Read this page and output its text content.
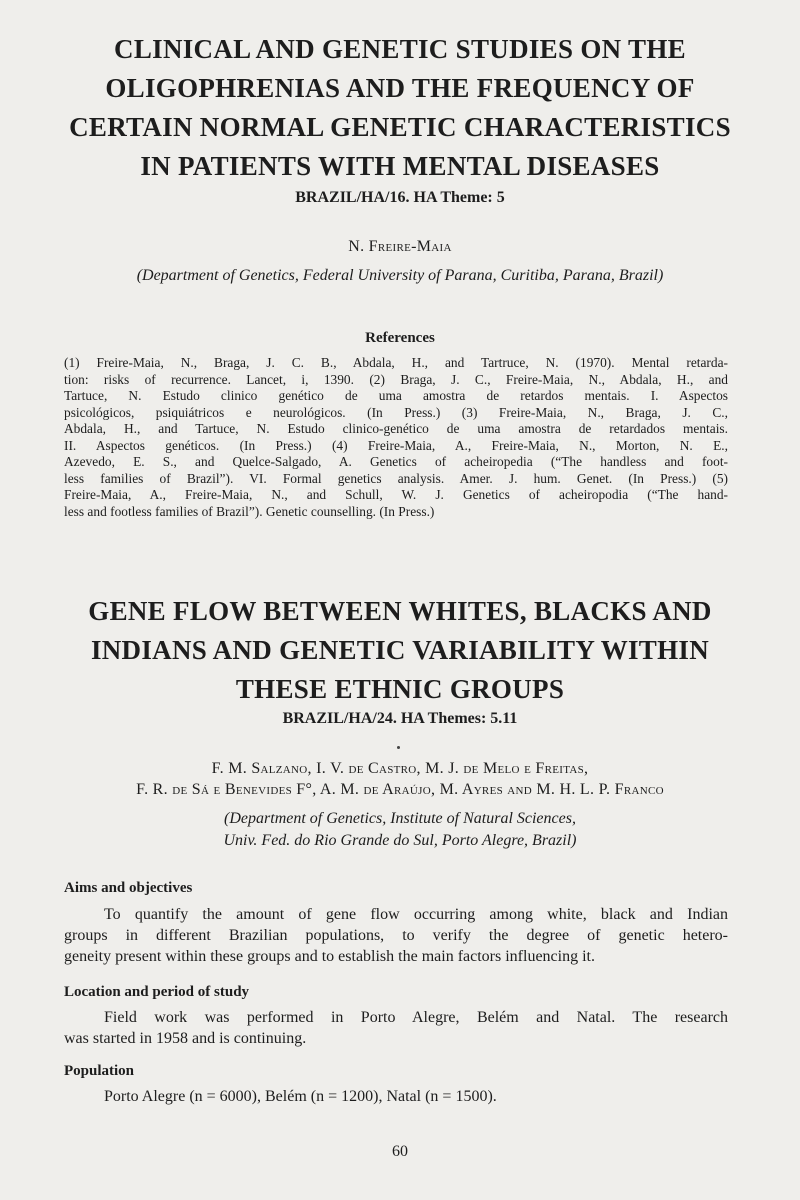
CLINICAL AND GENETIC STUDIES ON THE
OLIGOPHRENIAS AND THE FREQUENCY OF
CERTAIN NORMAL GENETIC CHARACTERISTICS
IN PATIENTS WITH MENTAL DISEASES

BRAZIL/HA/16. HA Theme: 5

N. Freire-Maia

(Department of Genetics, Federal University of Parana, Curitiba, Parana, Brazil)

References

(1) Freire-Maia, N., Braga, J. C. B., Abdala, H., and Tartruce, N. (1970). Mental retarda-
tion: risks of recurrence. Lancet, i, 1390. (2) Braga, J. C., Freire-Maia, N., Abdala, H., and
Tartuce, N. Estudo clinico genético de uma amostra de retardos mentais. I. Aspectos
psicológicos, psiquiátricos e neurológicos. (In Press.) (3) Freire-Maia, N., Braga, J. C.,
Abdala, H., and Tartuce, N. Estudo clinico-genético de uma amostra de retardados mentais.
II. Aspectos genéticos. (In Press.) (4) Freire-Maia, A., Freire-Maia, N., Morton, N. E.,
Azevedo, E. S., and Quelce-Salgado, A. Genetics of acheiropedia (“The handless and foot-
less families of Brazil”). VI. Formal genetics analysis. Amer. J. hum. Genet. (In Press.) (5)
Freire-Maia, A., Freire-Maia, N., and Schull, W. J. Genetics of acheiropodia (“The hand-
less and footless families of Brazil”). Genetic counselling. (In Press.)
GENE FLOW BETWEEN WHITES, BLACKS AND
INDIANS AND GENETIC VARIABILITY WITHIN
THESE ETHNIC GROUPS

BRAZIL/HA/24. HA Themes: 5.11

F. M. Salzano, I. V. de Castro, M. J. de Melo e Freitas,

F. R. de Sá e Benevides F°, A. M. de Araújo, M. Ayres and M. H. L. P. Franco

(Department of Genetics, Institute of Natural Sciences,
Univ. Fed. do Rio Grande do Sul, Porto Alegre, Brazil)

Aims and objectives

To quantify the amount of gene flow occurring among white, black and Indian
groups in different Brazilian populations, to verify the degree of genetic hetero-
geneity present within these groups and to establish the main factors influencing it.

Location and period of study

Field work was performed in Porto Alegre, Belém and Natal. The research
was started in 1958 and is continuing.

Population

Porto Alegre (n = 6000), Belém (n = 1200), Natal (n = 1500).

60
